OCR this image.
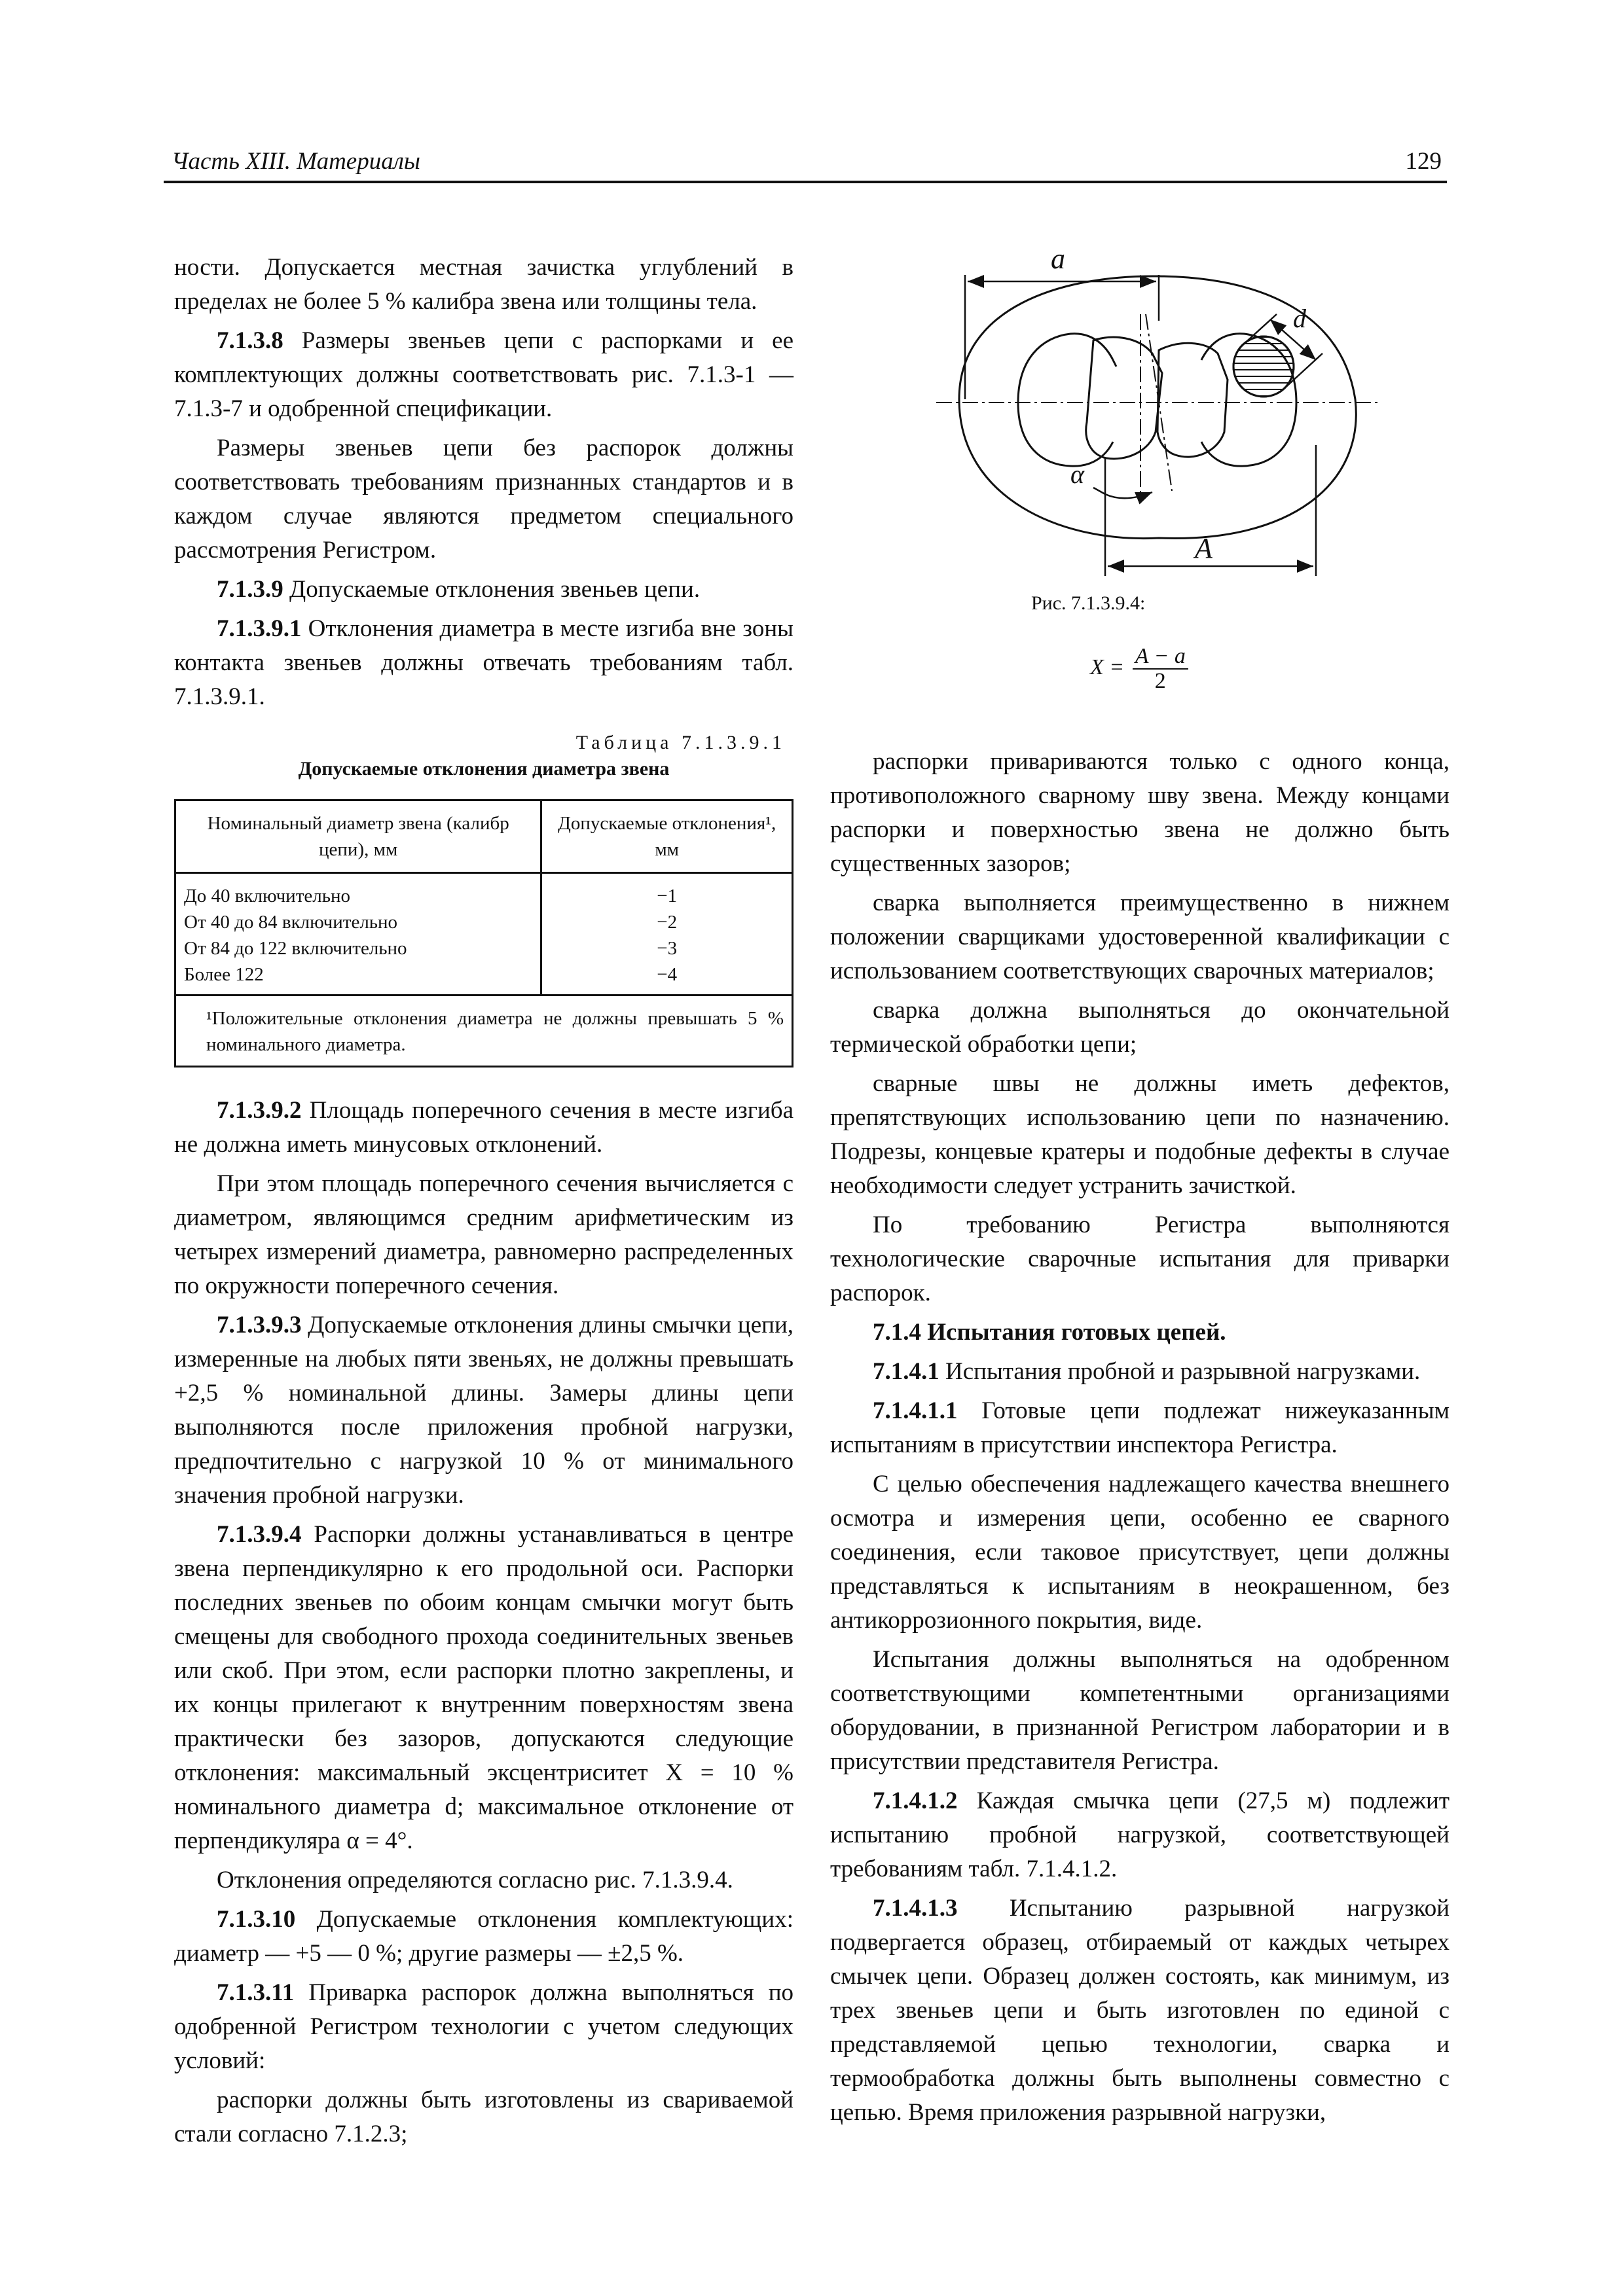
Часть XIII. Материалы	129

ности. Допускается местная зачистка углублений в пределах не более 5 % калибра звена или толщины тела.

7.1.3.8 Размеры звеньев цепи с распорками и ее комплектующих должны соответствовать рис. 7.1.3-1 — 7.1.3-7 и одобренной спецификации.

Размеры звеньев цепи без распорок должны соответствовать требованиям признанных стандартов и в каждом случае являются предметом специального рассмотрения Регистром.

7.1.3.9 Допускаемые отклонения звеньев цепи.

7.1.3.9.1 Отклонения диаметра в месте изгиба вне зоны контакта звеньев должны отвечать требованиям табл. 7.1.3.9.1.

Таблица 7.1.3.9.1
Допускаемые отклонения диаметра звена
Номинальный диаметр звена (калибр цепи), мм	Допускаемые отклонения¹, мм
До 40 включительно	−1
От 40 до 84 включительно	−2
От 84 до 122 включительно	−3
Более 122	−4
¹Положительные отклонения диаметра не должны превышать 5 % номинального диаметра.	

7.1.3.9.2 Площадь поперечного сечения в месте изгиба не должна иметь минусовых отклонений.

При этом площадь поперечного сечения вычисляется с диаметром, являющимся средним арифметическим из четырех измерений диаметра, равномерно распределенных по окружности поперечного сечения.

7.1.3.9.3 Допускаемые отклонения длины смычки цепи, измеренные на любых пяти звеньях, не должны превышать +2,5 % номинальной длины. Замеры длины цепи выполняются после приложения пробной нагрузки, предпочтительно с нагрузкой 10 % от минимального значения пробной нагрузки.

7.1.3.9.4 Распорки должны устанавливаться в центре звена перпендикулярно к его продольной оси. Распорки последних звеньев по обоим концам смычки могут быть смещены для свободного прохода соединительных звеньев или скоб. При этом, если распорки плотно закреплены, и их концы прилегают к внутренним поверхностям звена практически без зазоров, допускаются следующие отклонения: максимальный эксцентриситет X = 10 % номинального диаметра d; максимальное отклонение от перпендикуляра α = 4°.

Отклонения определяются согласно рис. 7.1.3.9.4.

7.1.3.10 Допускаемые отклонения комплектующих: диаметр — +5 — 0 %; другие размеры — ±2,5 %.

7.1.3.11 Приварка распорок должна выполняться по одобренной Регистром технологии с учетом следующих условий:

распорки должны быть изготовлены из свариваемой стали согласно 7.1.2.3;

a
A
d
α
Рис. 7.1.3.9.4:
$X = \frac{A - a}{2}$

распорки привариваются только с одного конца, противоположного сварному шву звена. Между концами распорки и поверхностью звена не должно быть существенных зазоров;

сварка выполняется преимущественно в нижнем положении сварщиками удостоверенной квалификации с использованием соответствующих сварочных материалов;

сварка должна выполняться до окончательной термической обработки цепи;

сварные швы не должны иметь дефектов, препятствующих использованию цепи по назначению. Подрезы, концевые кратеры и подобные дефекты в случае необходимости следует устранить зачисткой.

По требованию Регистра выполняются технологические сварочные испытания для приварки распорок.

7.1.4 Испытания готовых цепей.

7.1.4.1 Испытания пробной и разрывной нагрузками.

7.1.4.1.1 Готовые цепи подлежат нижеуказанным испытаниям в присутствии инспектора Регистра.

С целью обеспечения надлежащего качества внешнего осмотра и измерения цепи, особенно ее сварного соединения, если таковое присутствует, цепи должны представляться к испытаниям в неокрашенном, без антикоррозионного покрытия, виде.

Испытания должны выполняться на одобренном соответствующими компетентными организациями оборудовании, в признанной Регистром лаборатории и в присутствии представителя Регистра.

7.1.4.1.2 Каждая смычка цепи (27,5 м) подлежит испытанию пробной нагрузкой, соответствующей требованиям табл. 7.1.4.1.2.

7.1.4.1.3 Испытанию разрывной нагрузкой подвергается образец, отбираемый от каждых четырех смычек цепи. Образец должен состоять, как минимум, из трех звеньев цепи и быть изготовлен по единой с представляемой цепью технологии, сварка и термообработка должны быть выполнены совместно с цепью. Время приложения разрывной нагрузки,
